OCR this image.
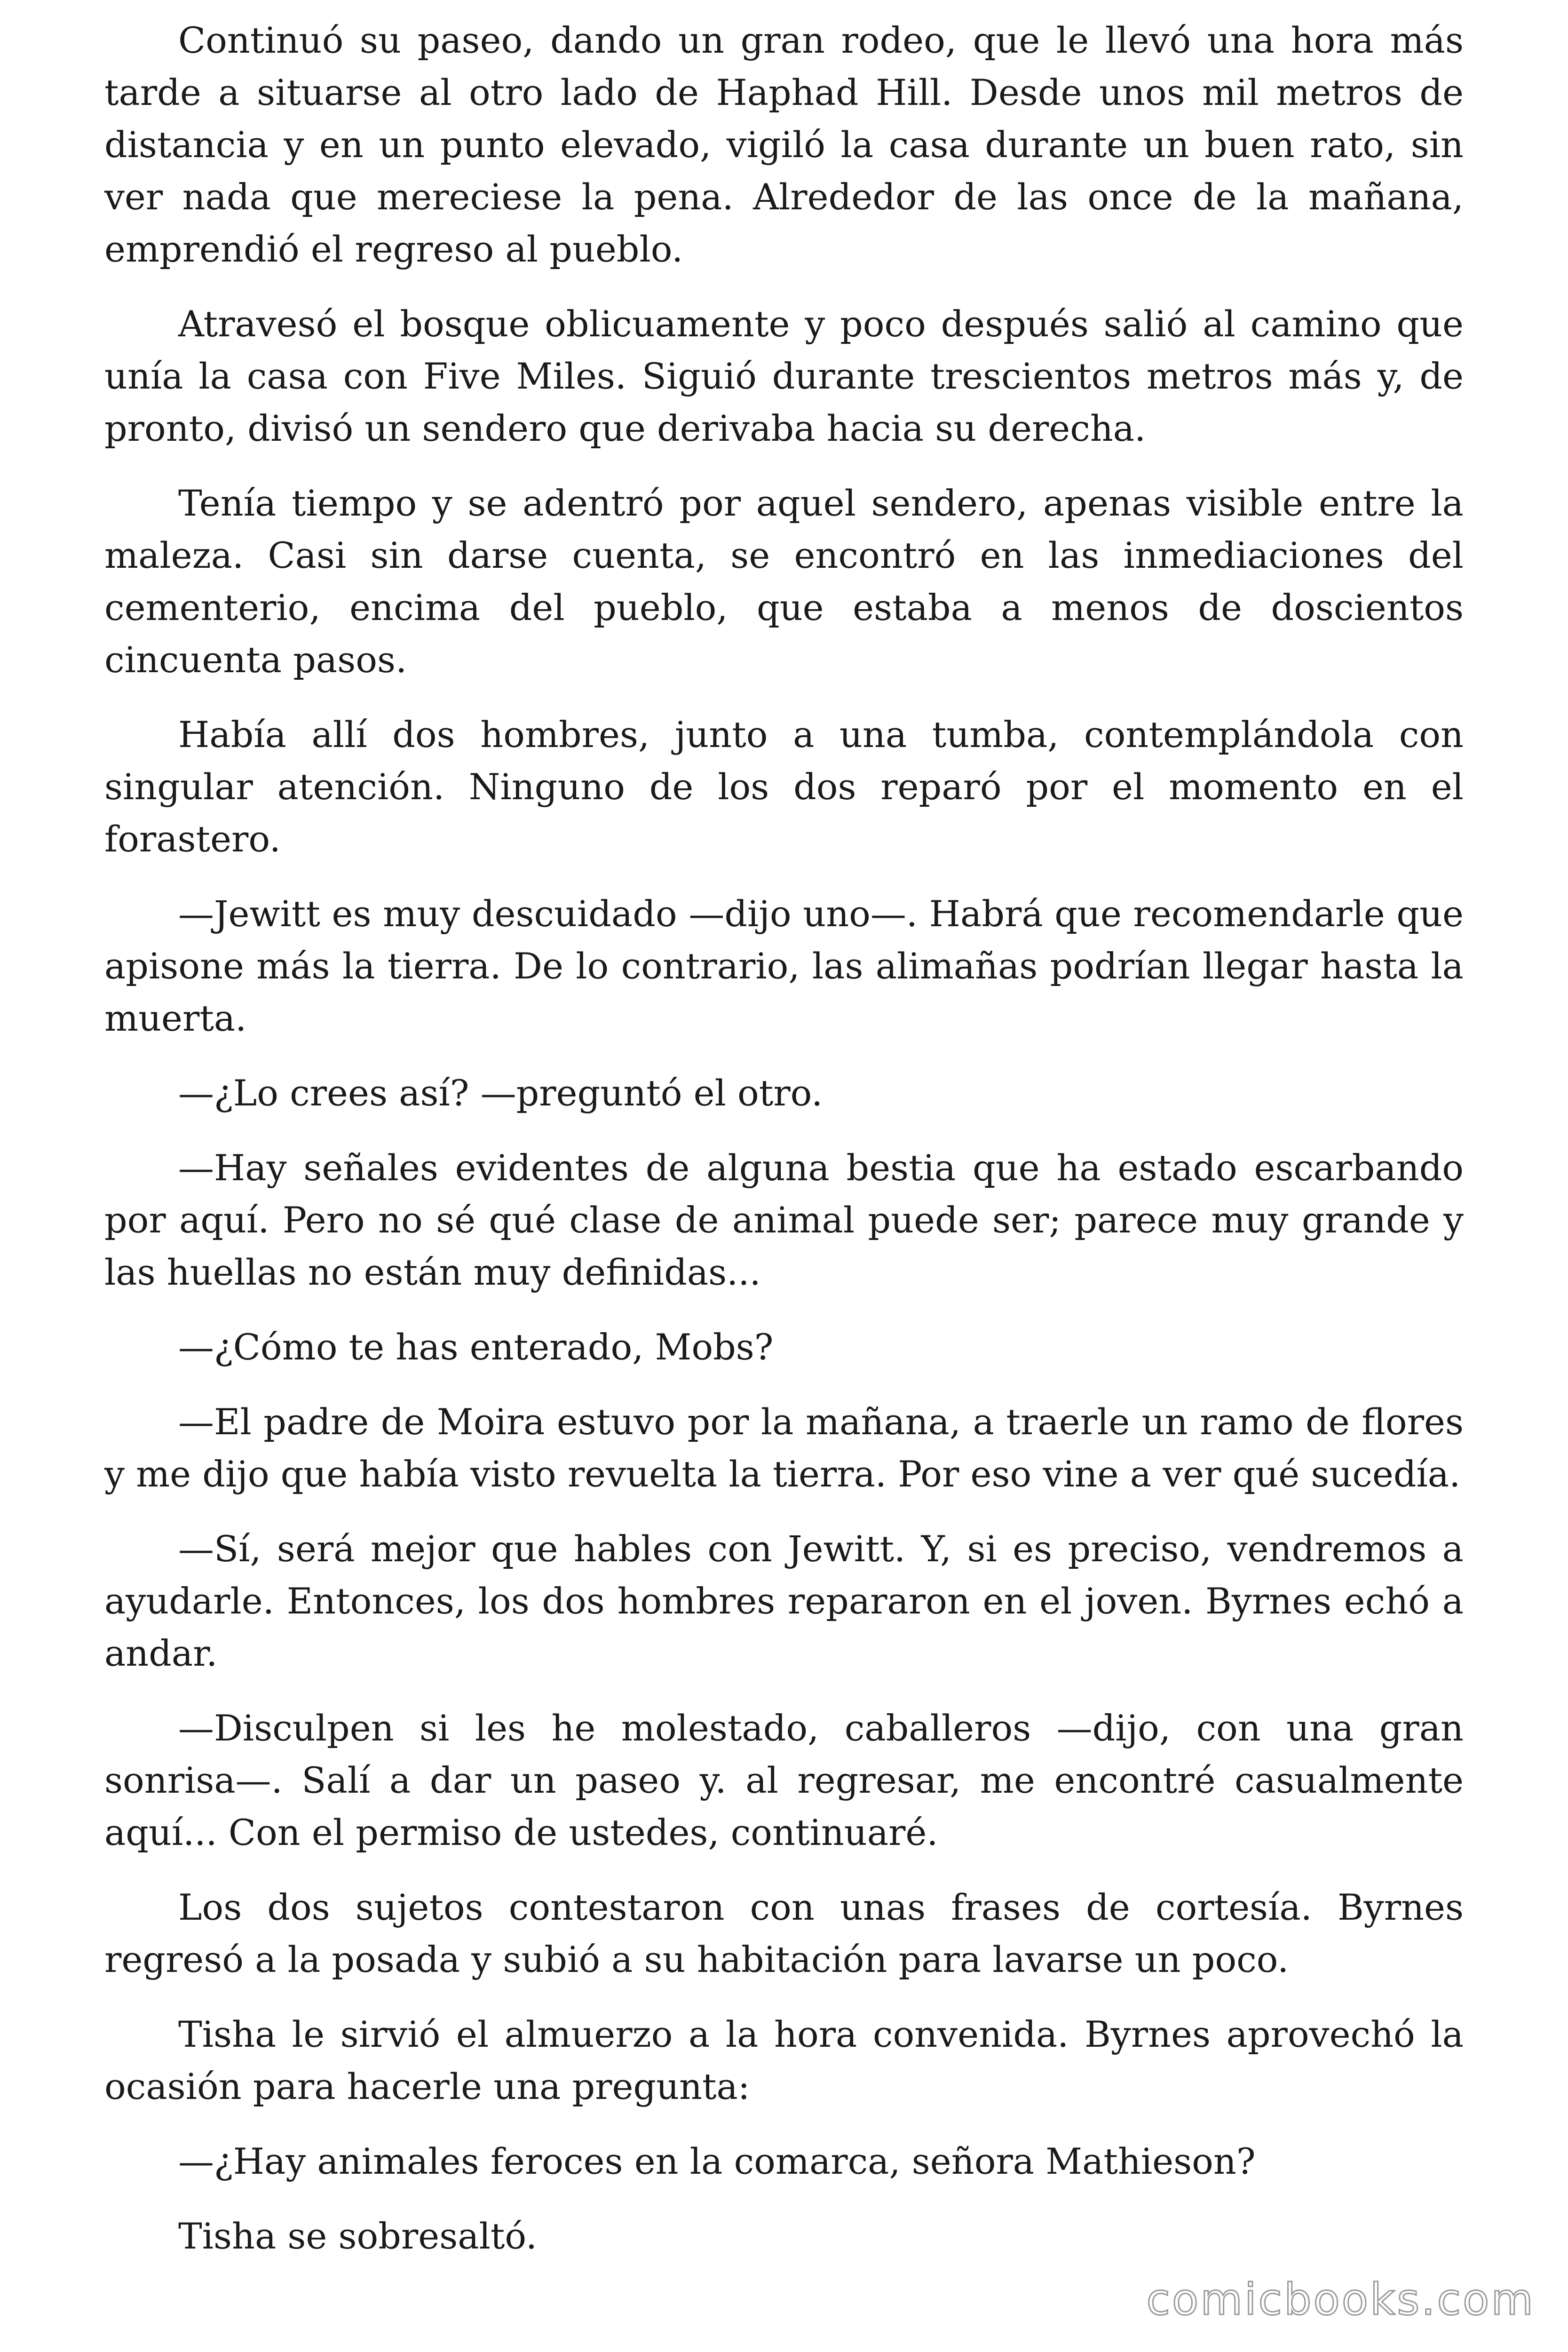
Continuó su paseo, dando un gran rodeo, que le llevó una hora más tarde a situarse al otro lado de Haphad Hill. Desde unos mil metros de distancia y en un punto elevado, vigiló la casa durante un buen rato, sin ver nada que mereciese la pena. Alrededor de las once de la mañana, emprendió el regreso al pueblo.

Atravesó el bosque oblicuamente y poco después salió al camino que unía la casa con Five Miles. Siguió durante trescientos metros más y, de pronto, divisó un sendero que derivaba hacia su derecha.

Tenía tiempo y se adentró por aquel sendero, apenas visible entre la maleza. Casi sin darse cuenta, se encontró en las inmediaciones del cementerio, encima del pueblo, que estaba a menos de doscientos cincuenta pasos.

Había allí dos hombres, junto a una tumba, contemplándola con singular atención. Ninguno de los dos reparó por el momento en el forastero.

—Jewitt es muy descuidado —dijo uno—. Habrá que recomendarle que apisone más la tierra. De lo contrario, las alimañas podrían llegar hasta la muerta.

—¿Lo crees así? —preguntó el otro.

—Hay señales evidentes de alguna bestia que ha estado escarbando por aquí. Pero no sé qué clase de animal puede ser; parece muy grande y las huellas no están muy definidas...

—¿Cómo te has enterado, Mobs?

—El padre de Moira estuvo por la mañana, a traerle un ramo de flores y me dijo que había visto revuelta la tierra. Por eso vine a ver qué sucedía.

—Sí, será mejor que hables con Jewitt. Y, si es preciso, vendremos a ayudarle. Entonces, los dos hombres repararon en el joven. Byrnes echó a andar.

—Disculpen si les he molestado, caballeros —dijo, con una gran sonrisa—. Salí a dar un paseo y. al regresar, me encontré casualmente aquí... Con el permiso de ustedes, continuaré.

Los dos sujetos contestaron con unas frases de cortesía. Byrnes regresó a la posada y subió a su habitación para lavarse un poco.

Tisha le sirvió el almuerzo a la hora convenida. Byrnes aprovechó la ocasión para hacerle una pregunta:

—¿Hay animales feroces en la comarca, señora Mathieson?

Tisha se sobresaltó.

comicbooks.com
